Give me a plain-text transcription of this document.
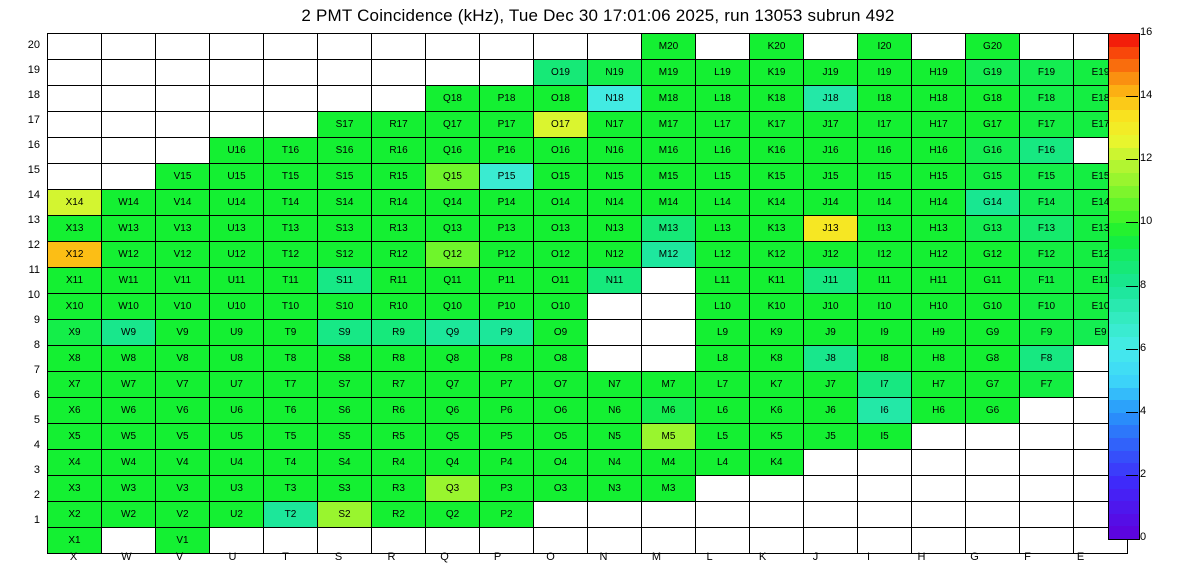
2 PMT Coincidence (kHz), Tue Dec 30 17:01:06 2025, run 13053 subrun 492
											M20		K20		I20		G20		
									O19	N19	M19	L19	K19	J19	I19	H19	G19	F19	E19
							Q18	P18	O18	N18	M18	L18	K18	J18	I18	H18	G18	F18	E18
					S17	R17	Q17	P17	O17	N17	M17	L17	K17	J17	I17	H17	G17	F17	E17
			U16	T16	S16	R16	Q16	P16	O16	N16	M16	L16	K16	J16	I16	H16	G16	F16	
		V15	U15	T15	S15	R15	Q15	P15	O15	N15	M15	L15	K15	J15	I15	H15	G15	F15	E15
X14	W14	V14	U14	T14	S14	R14	Q14	P14	O14	N14	M14	L14	K14	J14	I14	H14	G14	F14	E14
X13	W13	V13	U13	T13	S13	R13	Q13	P13	O13	N13	M13	L13	K13	J13	I13	H13	G13	F13	E13
X12	W12	V12	U12	T12	S12	R12	Q12	P12	O12	N12	M12	L12	K12	J12	I12	H12	G12	F12	E12
X11	W11	V11	U11	T11	S11	R11	Q11	P11	O11	N11		L11	K11	J11	I11	H11	G11	F11	E11
X10	W10	V10	U10	T10	S10	R10	Q10	P10	O10			L10	K10	J10	I10	H10	G10	F10	E10
X9	W9	V9	U9	T9	S9	R9	Q9	P9	O9			L9	K9	J9	I9	H9	G9	F9	E9
X8	W8	V8	U8	T8	S8	R8	Q8	P8	O8			L8	K8	J8	I8	H8	G8	F8	
X7	W7	V7	U7	T7	S7	R7	Q7	P7	O7	N7	M7	L7	K7	J7	I7	H7	G7	F7	
X6	W6	V6	U6	T6	S6	R6	Q6	P6	O6	N6	M6	L6	K6	J6	I6	H6	G6		
X5	W5	V5	U5	T5	S5	R5	Q5	P5	O5	N5	M5	L5	K5	J5	I5				
X4	W4	V4	U4	T4	S4	R4	Q4	P4	O4	N4	M4	L4	K4						
X3	W3	V3	U3	T3	S3	R3	Q3	P3	O3	N3	M3								
X2	W2	V2	U2	T2	S2	R2	Q2	P2											
X1		V1																	
20
19
18
17
16
15
14
13
12
11
10
9
8
7
6
5
4
3
2
1
X	W	V	U	T	S	R	Q	P	O	N	M	L	K	J	I	H	G	F	E
0
2
4
6
8
10
12
14
16
